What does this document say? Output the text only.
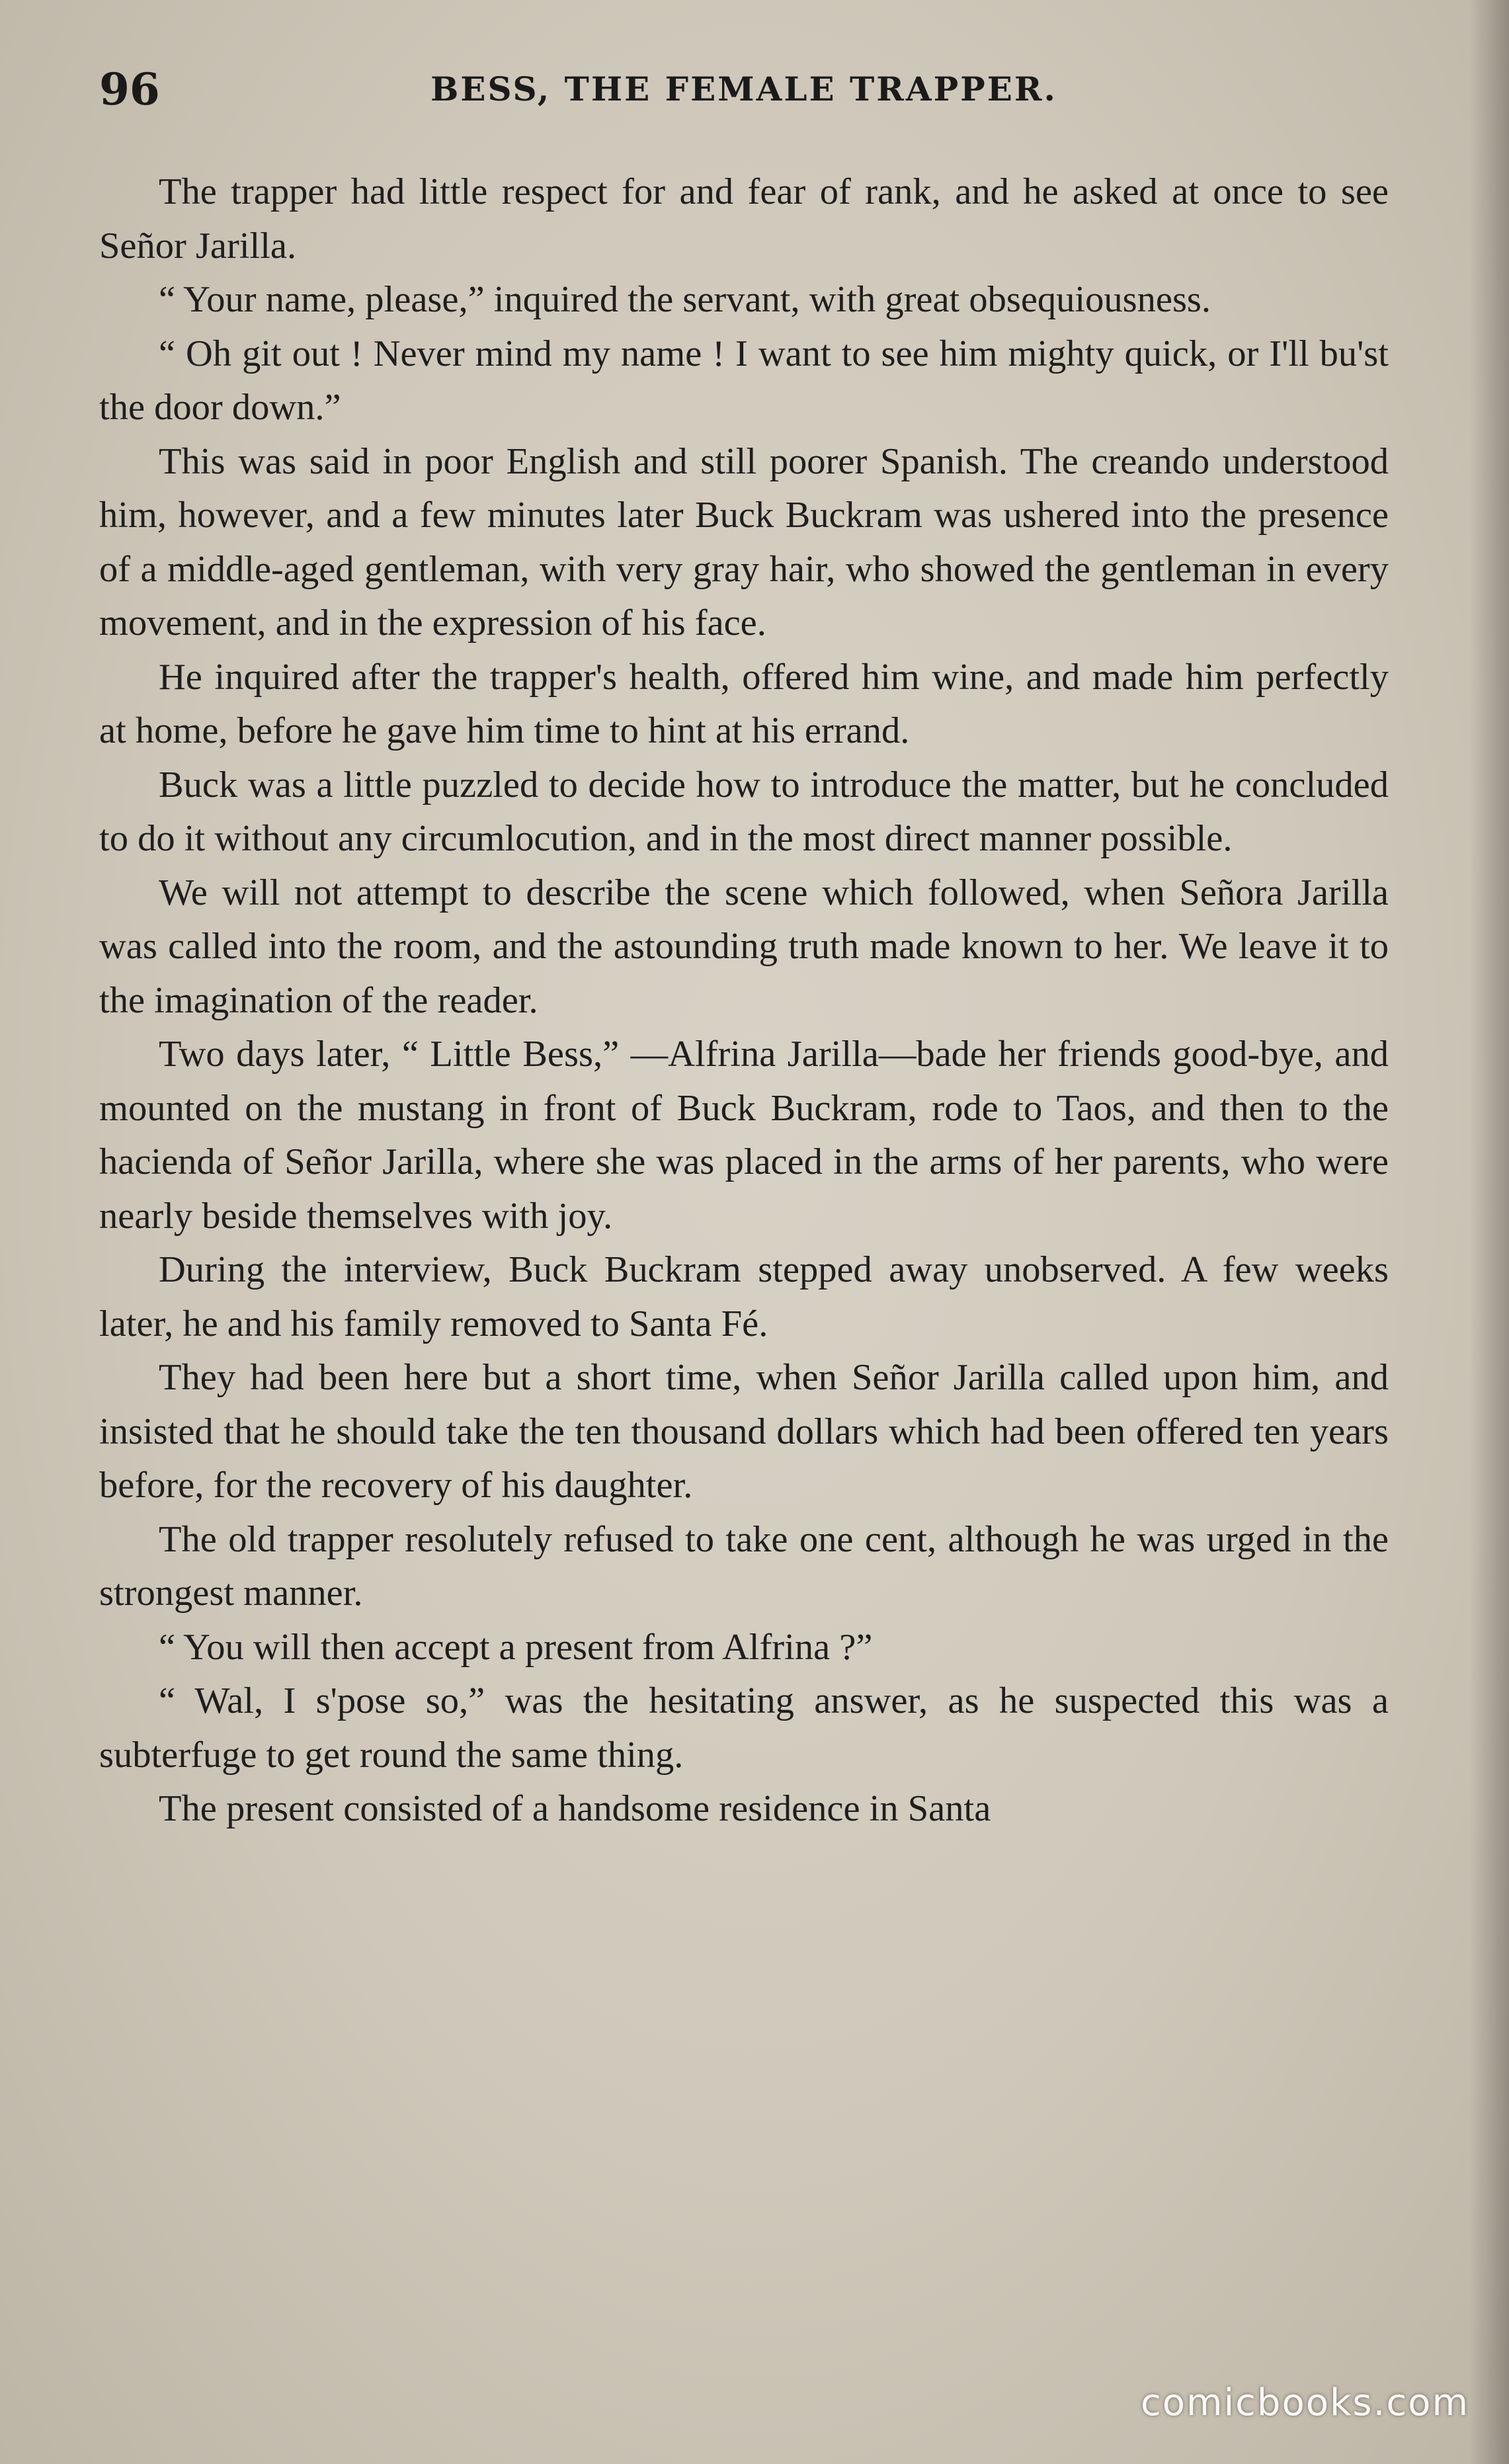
96	BESS, THE FEMALE TRAPPER.

The trapper had little respect for and fear of rank, and he asked at once to see Señor Jarilla.

“ Your name, please,” inquired the servant, with great obsequiousness.

“ Oh git out ! Never mind my name ! I want to see him mighty quick, or I'll bu'st the door down.”

This was said in poor English and still poorer Spanish. The creando understood him, however, and a few minutes later Buck Buckram was ushered into the presence of a middle-aged gentleman, with very gray hair, who showed the gentleman in every movement, and in the expression of his face.

He inquired after the trapper's health, offered him wine, and made him perfectly at home, before he gave him time to hint at his errand.

Buck was a little puzzled to decide how to introduce the matter, but he concluded to do it without any circumlocution, and in the most direct manner possible.

We will not attempt to describe the scene which followed, when Señora Jarilla was called into the room, and the astounding truth made known to her. We leave it to the imagination of the reader.

Two days later, “ Little Bess,” —Alfrina Jarilla—bade her friends good-bye, and mounted on the mustang in front of Buck Buckram, rode to Taos, and then to the hacienda of Señor Jarilla, where she was placed in the arms of her parents, who were nearly beside themselves with joy.

During the interview, Buck Buckram stepped away unobserved. A few weeks later, he and his family removed to Santa Fé.

They had been here but a short time, when Señor Jarilla called upon him, and insisted that he should take the ten thousand dollars which had been offered ten years before, for the recovery of his daughter.

The old trapper resolutely refused to take one cent, although he was urged in the strongest manner.

“ You will then accept a present from Alfrina ?”

“ Wal, I s'pose so,” was the hesitating answer, as he suspected this was a subterfuge to get round the same thing.

The present consisted of a handsome residence in Santa

comicbooks.com
